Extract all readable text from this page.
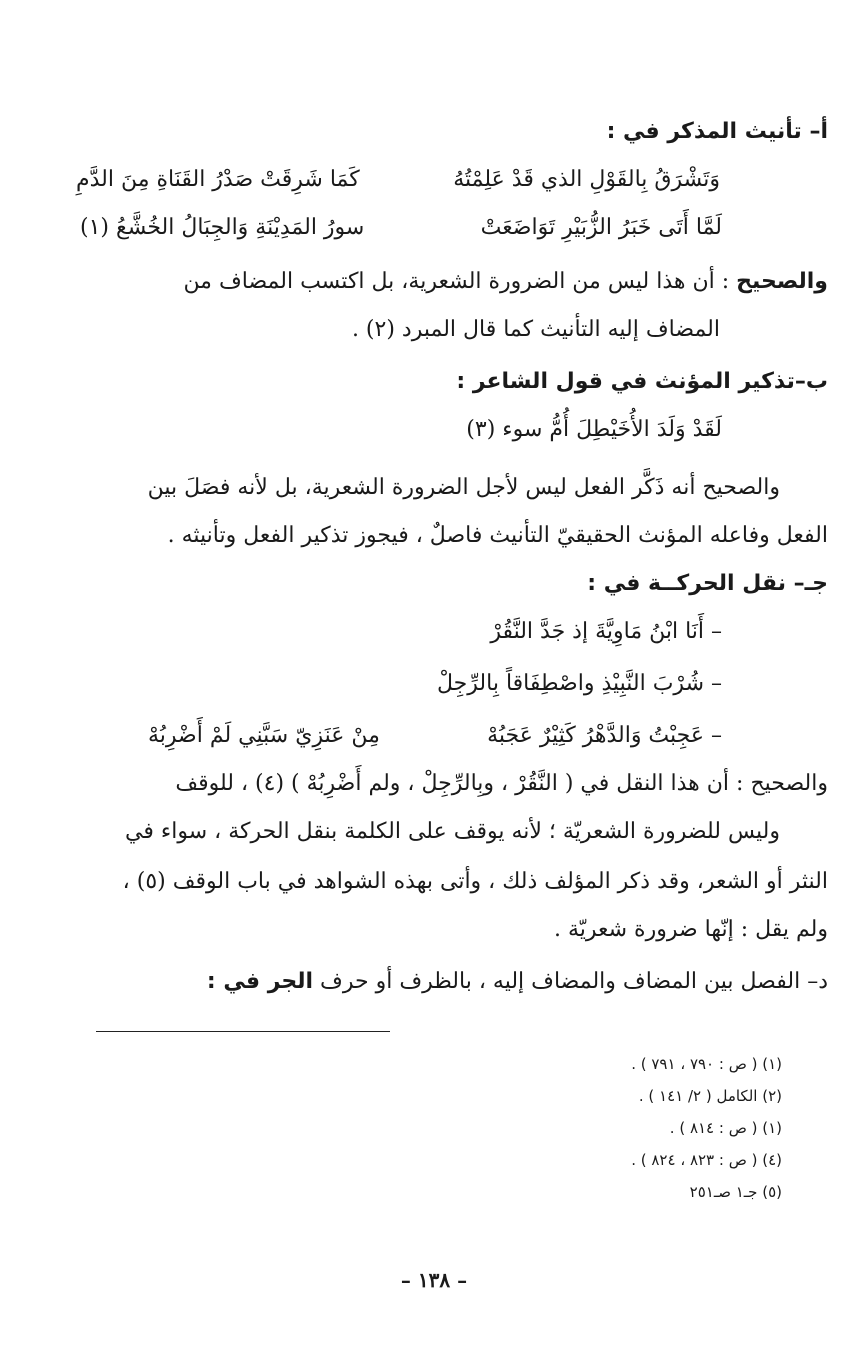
أ– تأنيث المذكر في :
وَتَشْرَقُ بِالقَوْلِ الذي قَدْ عَلِمْتُهُ
كَمَا شَرِقَتْ صَدْرُ القَنَاةِ مِنَ الدَّمِ
لَمَّا أَتَى خَبَرُ الزُّبَيْرِ تَوَاضَعَتْ
سورُ المَدِيْنَةِ وَالجِبَالُ الخُشَّعُ (١)
والصحيح : أن هذا ليس من الضرورة الشعرية، بل اكتسب المضاف من
المضاف إليه التأنيث كما قال المبرد (٢) .
ب–تذكير المؤنث في قول الشاعر :
لَقَدْ وَلَدَ الأُخَيْطِلَ أُمُّ سوء (٣)
والصحيح أنه ذَكَّر الفعل ليس لأجل الضرورة الشعرية، بل لأنه فصَلَ بين
الفعل وفاعله المؤنث الحقيقيّ التأنيث فاصلٌ ، فيجوز تذكير الفعل وتأنيثه .
جـ– نقل الحركــة في :
– أَنَا ابْنُ مَاوِيَّةَ إذ جَدَّ النَّقُرْ
– شُرْبَ النَّبِيْذِ واصْطِفَاقاً بِالرِّجِلْ
– عَجِبْتُ وَالدَّهْرُ كَثِيْرٌ عَجَبُهْ
مِنْ عَنَزِيّ سَبَّنِي لَمْ أَضْرِبُهْ
والصحيح : أن هذا النقل في ( النَّقُرْ ، وبِالرِّجِلْ ، ولم أَضْرِبُهْ ) (٤) ، للوقف
وليس للضرورة الشعريّة ؛ لأنه يوقف على الكلمة بنقل الحركة ، سواء في
النثر أو الشعر، وقد ذكر المؤلف ذلك ، وأتى بهذه الشواهد في باب الوقف (٥) ،
ولم يقل : إنّها ضرورة شعريّة .
د– الفصل بين المضاف والمضاف إليه ، بالظرف أو حرف الجر في :
(١) ( ص : ٧٩٠ ، ٧٩١ ) .
(٢) الكامل ( ٢/ ١٤١ ) .
(١) ( ص : ٨١٤ ) .
(٤) ( ص : ٨٢٣ ، ٨٢٤ ) .
(٥) جـ١ صـ٢٥١
– ١٣٨ –
